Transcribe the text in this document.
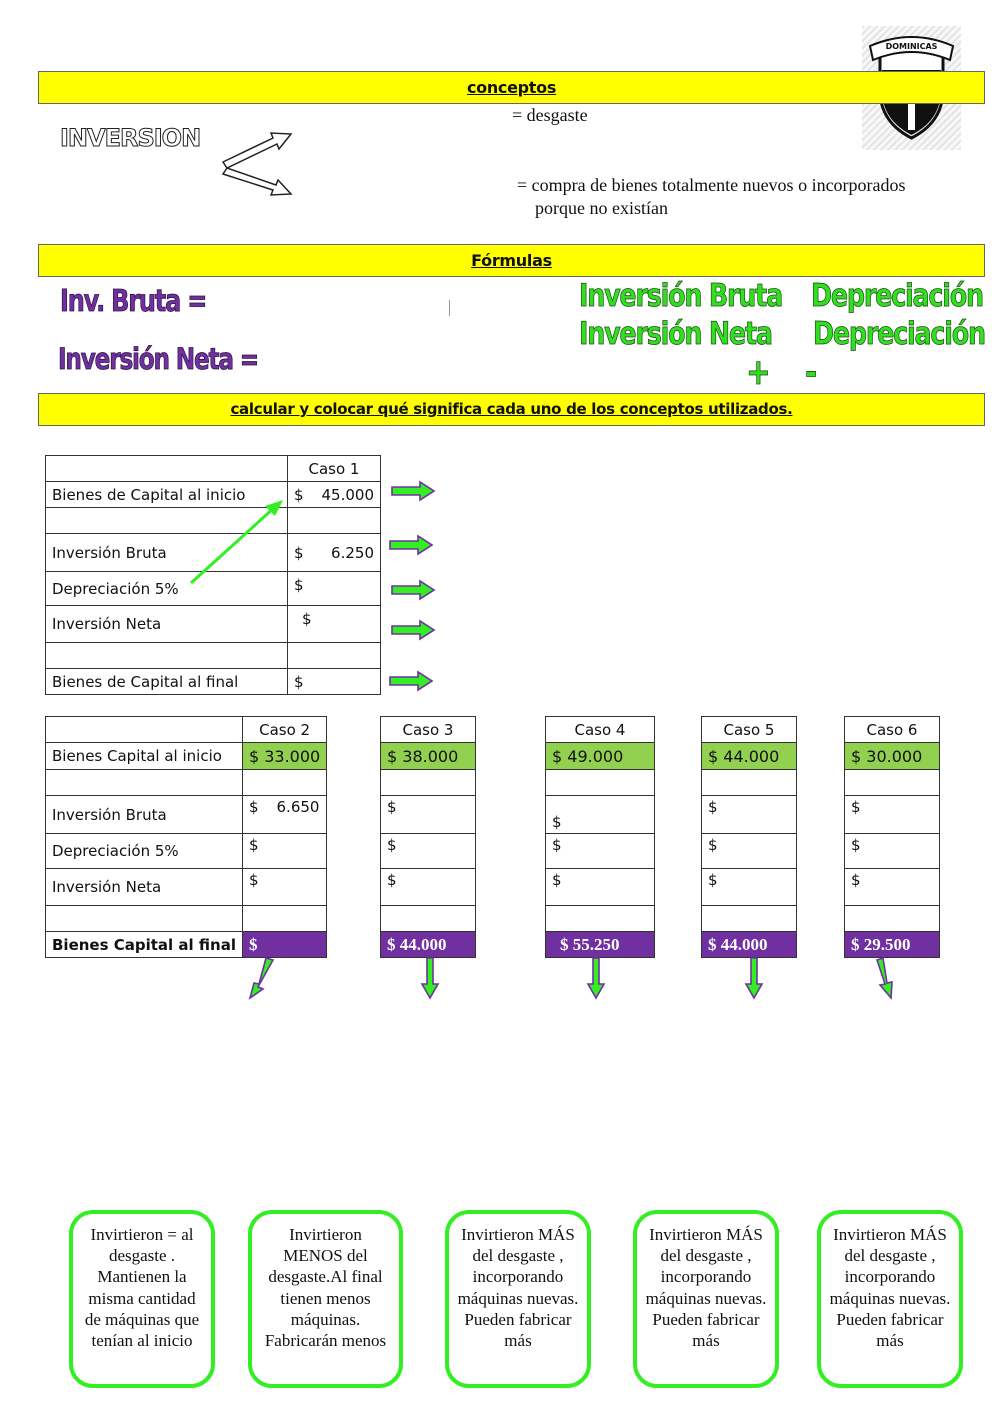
DOMINICAS
conceptos
INVERSION
= desgaste
= compra de bienes totalmente nuevos o incorporados
porque no existían
Fórmulas
Inv. Bruta =
Inversión Neta =
Inversión Bruta Depreciación
Inversión Neta Depreciación
+ -
calcular y colocar qué significa cada uno de los conceptos utilizados.
	Caso 1
Bienes de Capital al inicio	$ 45.000

Inversión Bruta	$ 6.250

Depreciación 5%	$
Inversión Neta	$

Bienes de Capital al final	$
	Caso 2
Bienes Capital al inicio	$ 33.000

Inversión Bruta	$ 6.650
Depreciación 5%	$
Inversión Neta	$

Bienes Capital al final	$
Caso 3
$ 38.000

$
$
$

$ 44.000
Caso 4
$ 49.000

$
$
$

$ 55.250
Caso 5
$ 44.000

$
$
$

$ 44.000
Caso 6
$ 30.000

$
$
$

$ 29.500
Invirtieron = al desgaste . Mantienen la misma cantidad de máquinas que tenían al inicio
Invirtieron MENOS del desgaste.Al final tienen menos máquinas. Fabricarán menos
Invirtieron MÁS del desgaste , incorporando máquinas nuevas. Pueden fabricar más
Invirtieron MÁS del desgaste , incorporando máquinas nuevas. Pueden fabricar más
Invirtieron MÁS del desgaste , incorporando máquinas nuevas. Pueden fabricar más
